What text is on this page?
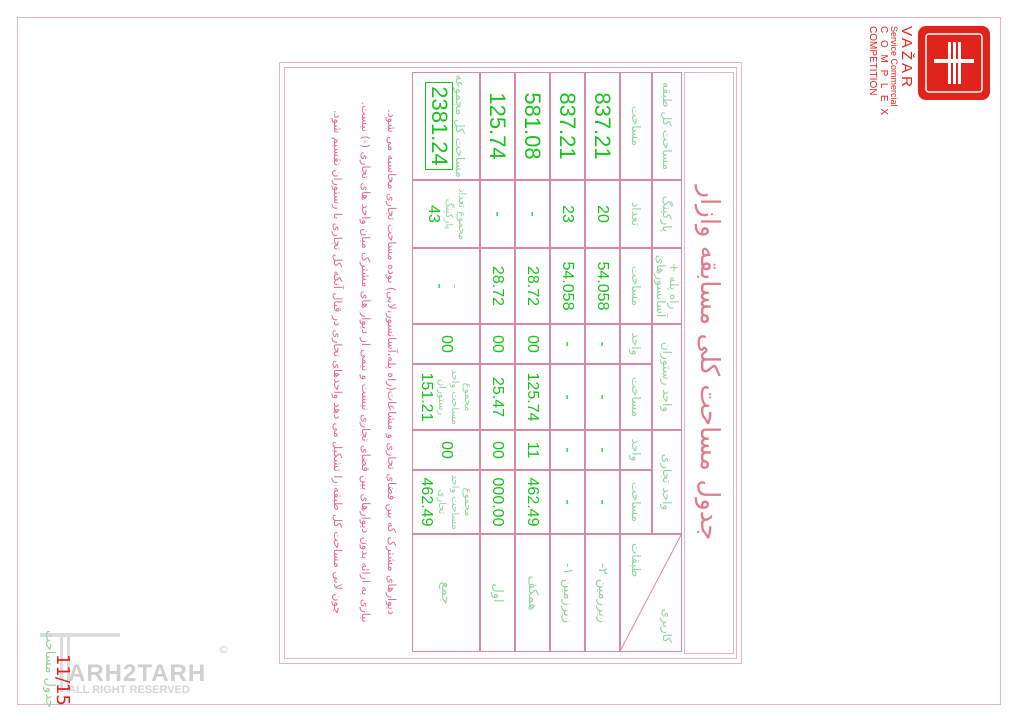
VAŽAR
Service Commercial
C O M P L E X
COMPETITION
جدول مساحت کلی مسابقه وازار
کاربری
طبقات
واحد تجاری
واحد
مساحت
واحد رستوران
واحد
مساحت
راه پله + آسانسورهای
مساحت
پارکینگ
تعداد
مساحت کل طبقه
مساحت
زیرزمین ۲-
-
-
-
-
54.058
20
837.21
زیرزمین ۱-
-
-
-
-
54.058
23
837.21
همکف
11
462.49
00
125.74
28.72
-
581.08
اول
00
000.00
00
25.47
28.72
-
125.74
جمع
00
مجموع مساحت واحد تجاری
462.49
00
مجموع مساحت واحد رستوران
151.21
-
-
مجموع تعداد پارکینگ
43
مساحت کل مجموعه
2381.24
دیوارهای مشترک که بین فضای تجاری و مشاعات(راه پله،آسانسور،لابی) بوده مساحت تجاری محاسبه می شود.
نیازی به ارائه بدون دیوارهای بین فضای تجاری نیست و نیمی از دیوار های مشترک میان واحد های تجاری (-) نیست.
چون لابی مساحت کل طبقه را تشکیل می دهد واحدهای تجاری در قبال آنکه کل تجاری با رستوران تقسیم شود.
ARH2TARH
ALL RIGHT RESERVED
©
جدول مساحت
11/15
